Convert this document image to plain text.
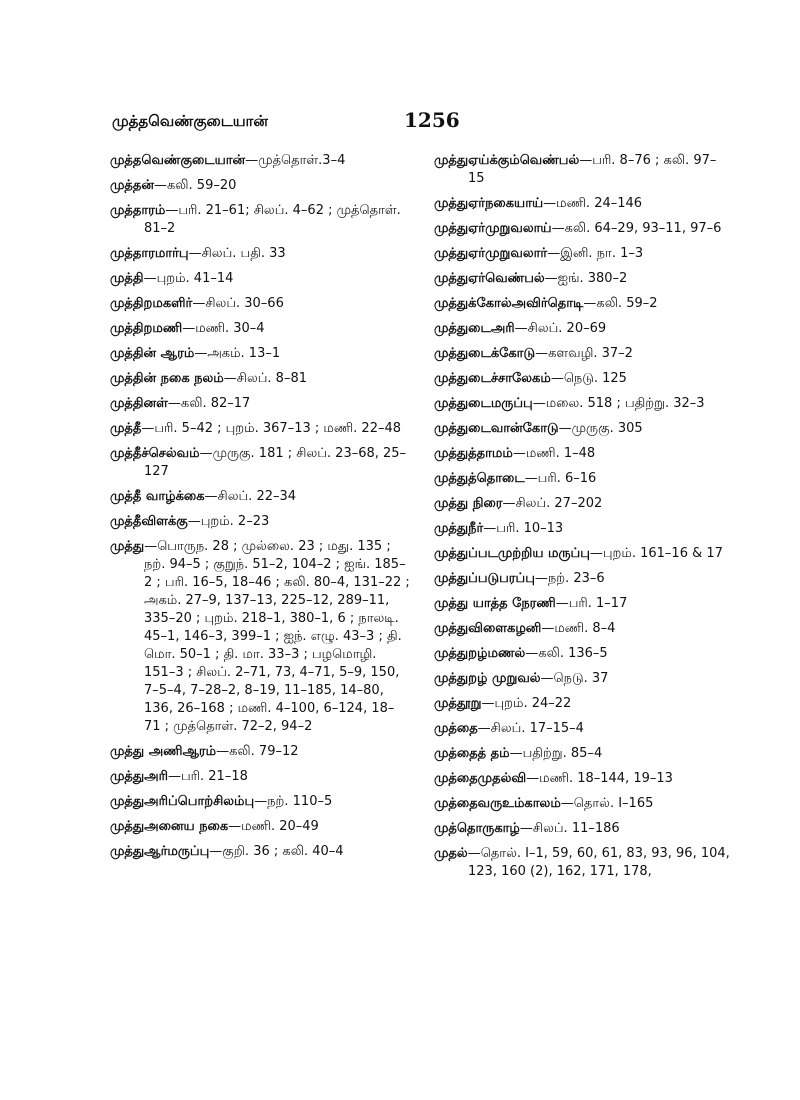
முத்தவெண்குடையான்	1256
முத்தவெண்குடையான்—முத்தொள்.3–4
முத்தன்—கலி. 59–20
முத்தாரம்—பரி. 21–61; சிலப். 4–62 ; முத்தொள். 81–2
முத்தாரமார்பு—சிலப். பதி. 33
முத்தி—புறம். 41–14
முத்திறமகளிர்—சிலப். 30–66
முத்திறமணி—மணி. 30–4
முத்தின் ஆரம்—அகம். 13–1
முத்தின் நகை நலம்—சிலப். 8–81
முத்தினள்—கலி. 82–17
முத்தீ—பரி. 5–42 ; புறம். 367–13 ; மணி. 22–48
முத்தீச்செல்வம்—முருகு. 181 ; சிலப். 23–68, 25–127
முத்தீ வாழ்க்கை—சிலப். 22–34
முத்தீவிளக்கு—புறம். 2–23
முத்து—பொருந. 28 ; முல்லை. 23 ; மது. 135 ; நற். 94–5 ; குறுந். 51–2, 104–2 ; ஐங். 185–2 ; பரி. 16–5, 18–46 ; கலி. 80–4, 131–22 ; அகம். 27–9, 137–13, 225–12, 289–11, 335–20 ; புறம். 218–1, 380–1, 6 ; நாலடி. 45–1, 146–3, 399–1 ; ஐந். எழு. 43–3 ; தி. மொ. 50–1 ; தி. மா. 33–3 ; பழமொழி. 151–3 ; சிலப். 2–71, 73, 4–71, 5–9, 150, 7–5–4, 7–28–2, 8–19, 11–185, 14–80, 136, 26–168 ; மணி. 4–100, 6–124, 18–71 ; முத்தொள். 72–2, 94–2
முத்து அணிஆரம்—கலி. 79–12
முத்துஅரி—பரி. 21–18
முத்துஅரிப்பொற்சிலம்பு—நற். 110–5
முத்துஅனைய நகை—மணி. 20–49
முத்துஆர்மருப்பு—குறி. 36 ; கலி. 40–4
முத்துஏய்க்கும்வெண்பல்—பரி. 8–76 ; கலி. 97–15
முத்துஏர்நகையாய்—மணி. 24–146
முத்துஏர்முறுவலாய்—கலி. 64–29, 93–11, 97–6
முத்துஏர்முறுவலார்—இனி. நா. 1–3
முத்துஏர்வெண்பல்—ஐங். 380–2
முத்துக்கோல்அவிர்தொடி—கலி. 59–2
முத்துடைஅரி—சிலப். 20–69
முத்துடைக்கோடு—களவழி. 37–2
முத்துடைச்சாலேகம்—நெடு. 125
முத்துடைமருப்பு—மலை. 518 ; பதிற்று. 32–3
முத்துடைவான்கோடு—முருகு. 305
முத்துத்தாமம்—மணி. 1–48
முத்துத்தொடை—பரி. 6–16
முத்து நிரை—சிலப். 27–202
முத்துநீர்—பரி. 10–13
முத்துப்படமுற்றிய மருப்பு—புறம். 161–16 & 17
முத்துப்படுபரப்பு—நற். 23–6
முத்து யாத்த நேரணி—பரி. 1–17
முத்துவிளைகழனி—மணி. 8–4
முத்துறழ்மணல்—கலி. 136–5
முத்துறழ் முறுவல்—நெடு. 37
முத்தூறு—புறம். 24–22
முத்தை—சிலப். 17–15–4
முத்தைத் தம்—பதிற்று. 85–4
முத்தைமுதல்வி—மணி. 18–144, 19–13
முத்தைவருஉம்காலம்—தொல். I–165
முத்தொருகாழ்—சிலப். 11–186
முதல்—தொல். I–1, 59, 60, 61, 83, 93, 96, 104, 123, 160 (2), 162, 171, 178,
